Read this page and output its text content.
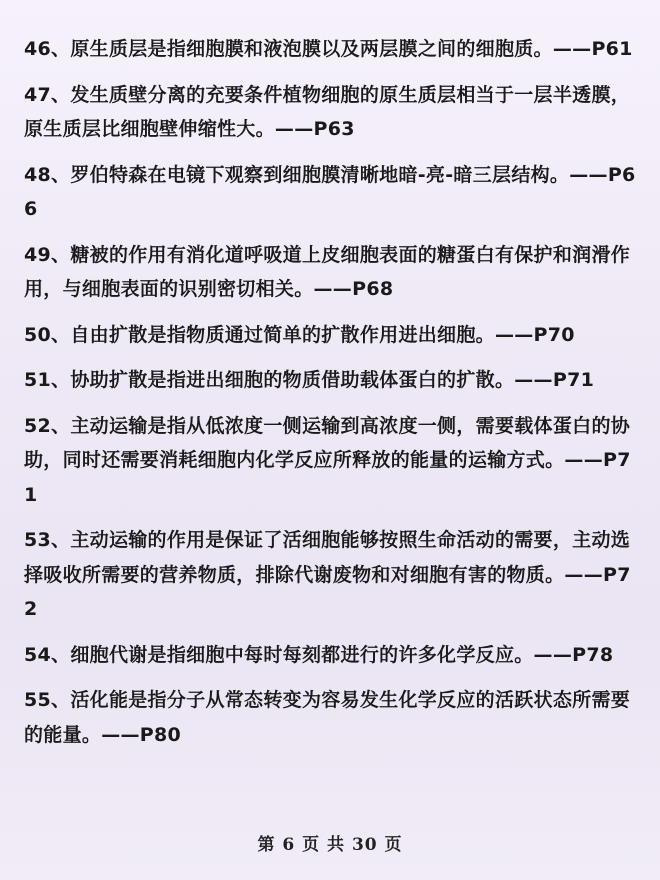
46、原生质层是指细胞膜和液泡膜以及两层膜之间的细胞质。——P61

47、发生质壁分离的充要条件植物细胞的原生质层相当于一层半透膜，原生质层比细胞壁伸缩性大。——P63

48、罗伯特森在电镜下观察到细胞膜清晰地暗-亮-暗三层结构。——P66

49、糖被的作用有消化道呼吸道上皮细胞表面的糖蛋白有保护和润滑作用，与细胞表面的识别密切相关。——P68

50、自由扩散是指物质通过简单的扩散作用进出细胞。——P70

51、协助扩散是指进出细胞的物质借助载体蛋白的扩散。——P71

52、主动运输是指从低浓度一侧运输到高浓度一侧，需要载体蛋白的协助，同时还需要消耗细胞内化学反应所释放的能量的运输方式。——P71

53、主动运输的作用是保证了活细胞能够按照生命活动的需要，主动选择吸收所需要的营养物质，排除代谢废物和对细胞有害的物质。——P72

54、细胞代谢是指细胞中每时每刻都进行的许多化学反应。——P78

55、活化能是指分子从常态转变为容易发生化学反应的活跃状态所需要的能量。——P80

第 6 页 共 30 页
